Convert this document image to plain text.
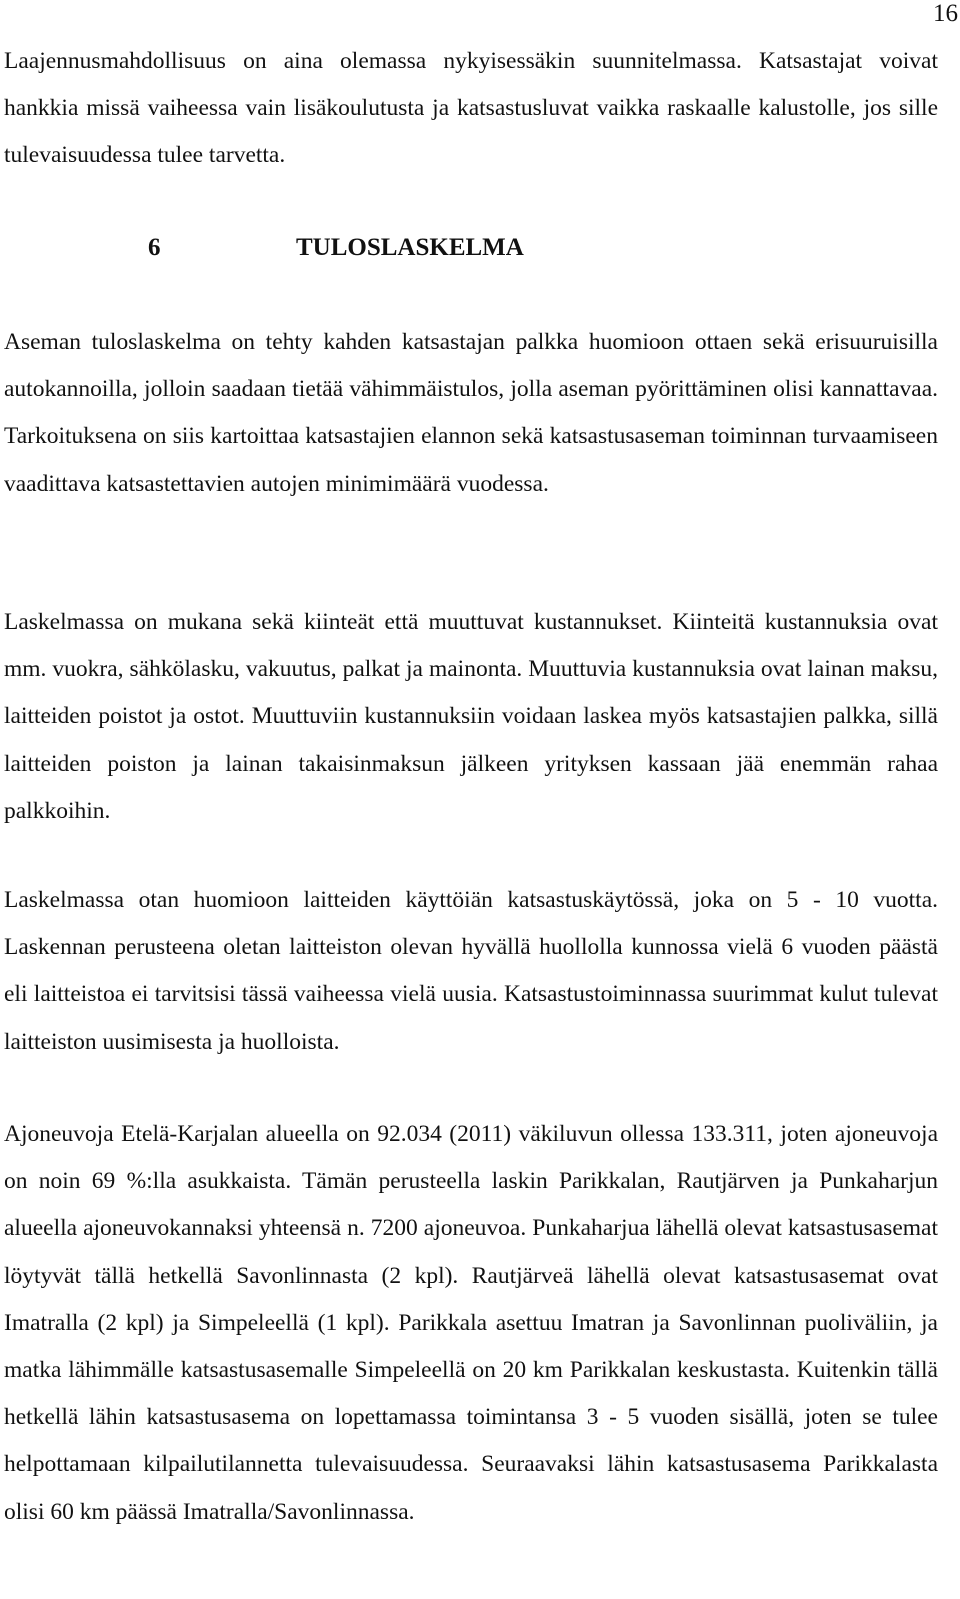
16

Laajennusmahdollisuus on aina olemassa nykyisessäkin suunnitelmassa. Katsastajat voivat hankkia missä vaiheessa vain lisäkoulutusta ja katsastusluvat vaikka raskaalle kalustolle, jos sille tulevaisuudessa tulee tarvetta.

6	TULOSLASKELMA

Aseman tuloslaskelma on tehty kahden katsastajan palkka huomioon ottaen sekä erisuuruisilla autokannoilla, jolloin saadaan tietää vähimmäistulos, jolla aseman pyörittäminen olisi kannattavaa. Tarkoituksena on siis kartoittaa katsastajien elannon sekä katsastusaseman toiminnan turvaamiseen vaadittava katsastettavien autojen minimimäärä vuodessa.

Laskelmassa on mukana sekä kiinteät että muuttuvat kustannukset. Kiinteitä kustannuksia ovat mm. vuokra, sähkölasku, vakuutus, palkat ja mainonta. Muuttuvia kustannuksia ovat lainan maksu, laitteiden poistot ja ostot. Muuttuviin kustannuksiin voidaan laskea myös katsastajien palkka, sillä laitteiden poiston ja lainan takaisinmaksun jälkeen yrityksen kassaan jää enemmän rahaa palkkoihin.

Laskelmassa otan huomioon laitteiden käyttöiän katsastuskäytössä, joka on 5 - 10 vuotta. Laskennan perusteena oletan laitteiston olevan hyvällä huollolla kunnossa vielä 6 vuoden päästä eli laitteistoa ei tarvitsisi tässä vaiheessa vielä uusia. Katsastustoiminnassa suurimmat kulut tulevat laitteiston uusimisesta ja huolloista.

Ajoneuvoja Etelä-Karjalan alueella on 92.034 (2011) väkiluvun ollessa 133.311, joten ajoneuvoja on noin 69 %:lla asukkaista. Tämän perusteella laskin Parikkalan, Rautjärven ja Punkaharjun alueella ajoneuvokannaksi yhteensä n. 7200 ajoneuvoa. Punkaharjua lähellä olevat katsastusasemat löytyvät tällä hetkellä Savonlinnasta (2 kpl). Rautjärveä lähellä olevat katsastusasemat ovat Imatralla (2 kpl) ja Simpeleellä (1 kpl). Parikkala asettuu Imatran ja Savonlinnan puoliväliin, ja matka lähimmälle katsastusasemalle Simpeleellä on 20 km Parikkalan keskustasta. Kuitenkin tällä hetkellä lähin katsastusasema on lopettamassa toimintansa 3 - 5 vuoden sisällä, joten se tulee helpottamaan kilpailutilannetta tulevaisuudessa. Seuraavaksi lähin katsastusasema Parikkalasta olisi 60 km päässä Imatralla/Savonlinnassa.
